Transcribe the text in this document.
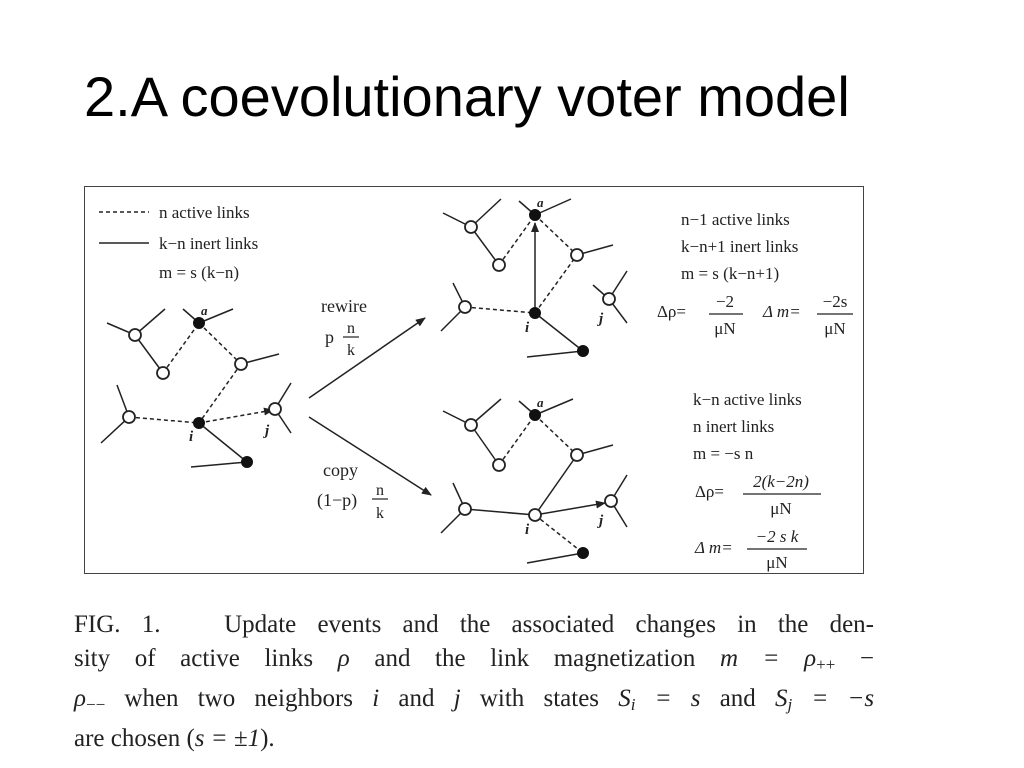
2.A coevolutionary voter model
n active links
k−n inert links
m = s (k−n)
a
i	j
rewire
p n
k
copy
(1−p) n
k
a
i
j
a
i
j
n−1 active links
k−n+1 inert links
m = s (k−n+1)
Δρ=
−2
μN
Δ m=
−2s
μN
k−n active links
n inert links
m = −s n
Δρ=
2(k−2n)
μN
Δ m=
−2 s k
μN
FIG. 1.	Update events and the associated changes in the den-
sity of active links ρ and the link magnetization $m = \rho_{++}$ −
$\rho_{--}$ when two neighbors i and j with states $S_i = s$ and $S_j = -s$
are chosen (s = ±1).
